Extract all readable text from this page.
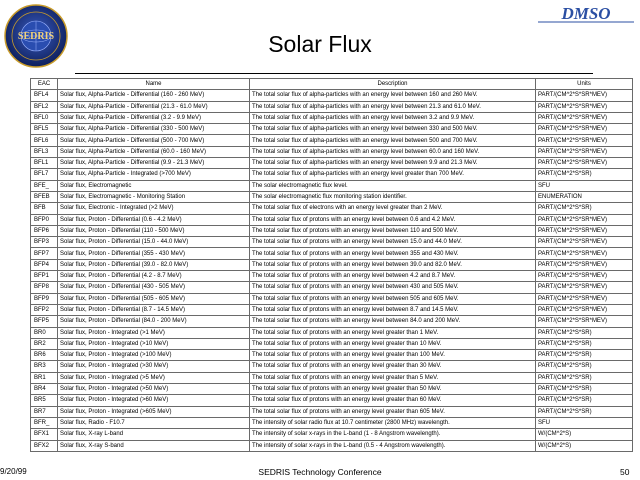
SEDRIS
DMSO
Solar Flux
EAC	Name	Description	Units
BFL4	Solar flux, Alpha-Particle - Differential (160 - 260 MeV)	The total solar flux of alpha-particles with an energy level between 160 and 260 MeV.	PART/(CM^2*S*SR*MEV)
BFL2	Solar flux, Alpha-Particle - Differential (21.3 - 61.0 MeV)	The total solar flux of alpha-particles with an energy level between 21.3 and 61.0 MeV.	PART/(CM^2*S*SR*MEV)
BFL0	Solar flux, Alpha-Particle - Differential (3.2 - 9.9 MeV)	The total solar flux of alpha-particles with an energy level between 3.2 and 9.9 MeV.	PART/(CM^2*S*SR*MEV)
BFL5	Solar flux, Alpha-Particle - Differential (330 - 500 MeV)	The total solar flux of alpha-particles with an energy level between 330 and 500 MeV.	PART/(CM^2*S*SR*MEV)
BFL6	Solar flux, Alpha-Particle - Differential (500 - 700 MeV)	The total solar flux of alpha-particles with an energy level between 500 and 700 MeV.	PART/(CM^2*S*SR*MEV)
BFL3	Solar flux, Alpha-Particle - Differential (60.0 - 160 MeV)	The total solar flux of alpha-particles with an energy level between 60.0 and 160 MeV.	PART/(CM^2*S*SR*MEV)
BFL1	Solar flux, Alpha-Particle - Differential (9.9 - 21.3 MeV)	The total solar flux of alpha-particles with an energy level between 9.9 and 21.3 MeV.	PART/(CM^2*S*SR*MEV)
BFL7	Solar flux, Alpha-Particle - Integrated (>700 MeV)	The total solar flux of alpha-particles with an energy level greater than 700 MeV.	PART/(CM^2*S*SR)
BFE_	Solar flux, Electromagnetic	The solar electromagnetic flux level.	SFU
BFEB	Solar flux, Electromagnetic - Monitoring Station	The solar electromagnetic flux monitoring station identifier.	ENUMERATION
BFB	Solar flux, Electronic - Integrated (>2 MeV)	The total solar flux of electrons with an energy level greater than 2 MeV.	PART/(CM^2*S*SR)
BFP0	Solar flux, Proton - Differential (0.6 - 4.2 MeV)	The total solar flux of protons with an energy level between 0.6 and 4.2 MeV.	PART/(CM^2*S*SR*MEV)
BFP6	Solar flux, Proton - Differential (110 - 500 MeV)	The total solar flux of protons with an energy level between 110 and 500 MeV.	PART/(CM^2*S*SR*MEV)
BFP3	Solar flux, Proton - Differential (15.0 - 44.0 MeV)	The total solar flux of protons with an energy level between 15.0 and 44.0 MeV.	PART/(CM^2*S*SR*MEV)
BFP7	Solar flux, Proton - Differential (355 - 430 MeV)	The total solar flux of protons with an energy level between 355 and 430 MeV.	PART/(CM^2*S*SR*MEV)
BFP4	Solar flux, Proton - Differential (39.0 - 82.0 MeV)	The total solar flux of protons with an energy level between 39.0 and 82.0 MeV.	PART/(CM^2*S*SR*MEV)
BFP1	Solar flux, Proton - Differential (4.2 - 8.7 MeV)	The total solar flux of protons with an energy level between 4.2 and 8.7 MeV.	PART/(CM^2*S*SR*MEV)
BFP8	Solar flux, Proton - Differential (430 - 505 MeV)	The total solar flux of protons with an energy level between 430 and 505 MeV.	PART/(CM^2*S*SR*MEV)
BFP9	Solar flux, Proton - Differential (505 - 605 MeV)	The total solar flux of protons with an energy level between 505 and 605 MeV.	PART/(CM^2*S*SR*MEV)
BFP2	Solar flux, Proton - Differential (8.7 - 14.5 MeV)	The total solar flux of protons with an energy level between 8.7 and 14.5 MeV.	PART/(CM^2*S*SR*MEV)
BFP5	Solar flux, Proton - Differential (84.0 - 200 MeV)	The total solar flux of protons with an energy level between 84.0 and 200 MeV.	PART/(CM^2*S*SR*MEV)
BR0	Solar flux, Proton - Integrated (>1 MeV)	The total solar flux of protons with an energy level greater than 1 MeV.	PART/(CM^2*S*SR)
BR2	Solar flux, Proton - Integrated (>10 MeV)	The total solar flux of protons with an energy level greater than 10 MeV.	PART/(CM^2*S*SR)
BR6	Solar flux, Proton - Integrated (>100 MeV)	The total solar flux of protons with an energy level greater than 100 MeV.	PART/(CM^2*S*SR)
BR3	Solar flux, Proton - Integrated (>30 MeV)	The total solar flux of protons with an energy level greater than 30 MeV.	PART/(CM^2*S*SR)
BR1	Solar flux, Proton - Integrated (>5 MeV)	The total solar flux of protons with an energy level greater than 5 MeV.	PART/(CM^2*S*SR)
BR4	Solar flux, Proton - Integrated (>50 MeV)	The total solar flux of protons with an energy level greater than 50 MeV.	PART/(CM^2*S*SR)
BR5	Solar flux, Proton - Integrated (>60 MeV)	The total solar flux of protons with an energy level greater than 60 MeV.	PART/(CM^2*S*SR)
BR7	Solar flux, Proton - Integrated (>605 MeV)	The total solar flux of protons with an energy level greater than 605 MeV.	PART/(CM^2*S*SR)
BFR_	Solar flux, Radio - F10.7	The intensity of solar radio flux at 10.7 centimeter (2800 MHz) wavelength.	SFU
BFX1	Solar flux, X-ray L-band	The intensity of solar x-rays in the L-band (1 - 8 Angstrom wavelength).	W/(CM^2*S)
BFX2	Solar flux, X-ray S-band	The intensity of solar x-rays in the L-band (0.5 - 4 Angstrom wavelength).	W/(CM^2*S)
9/20/99	SEDRIS Technology Conference	50
